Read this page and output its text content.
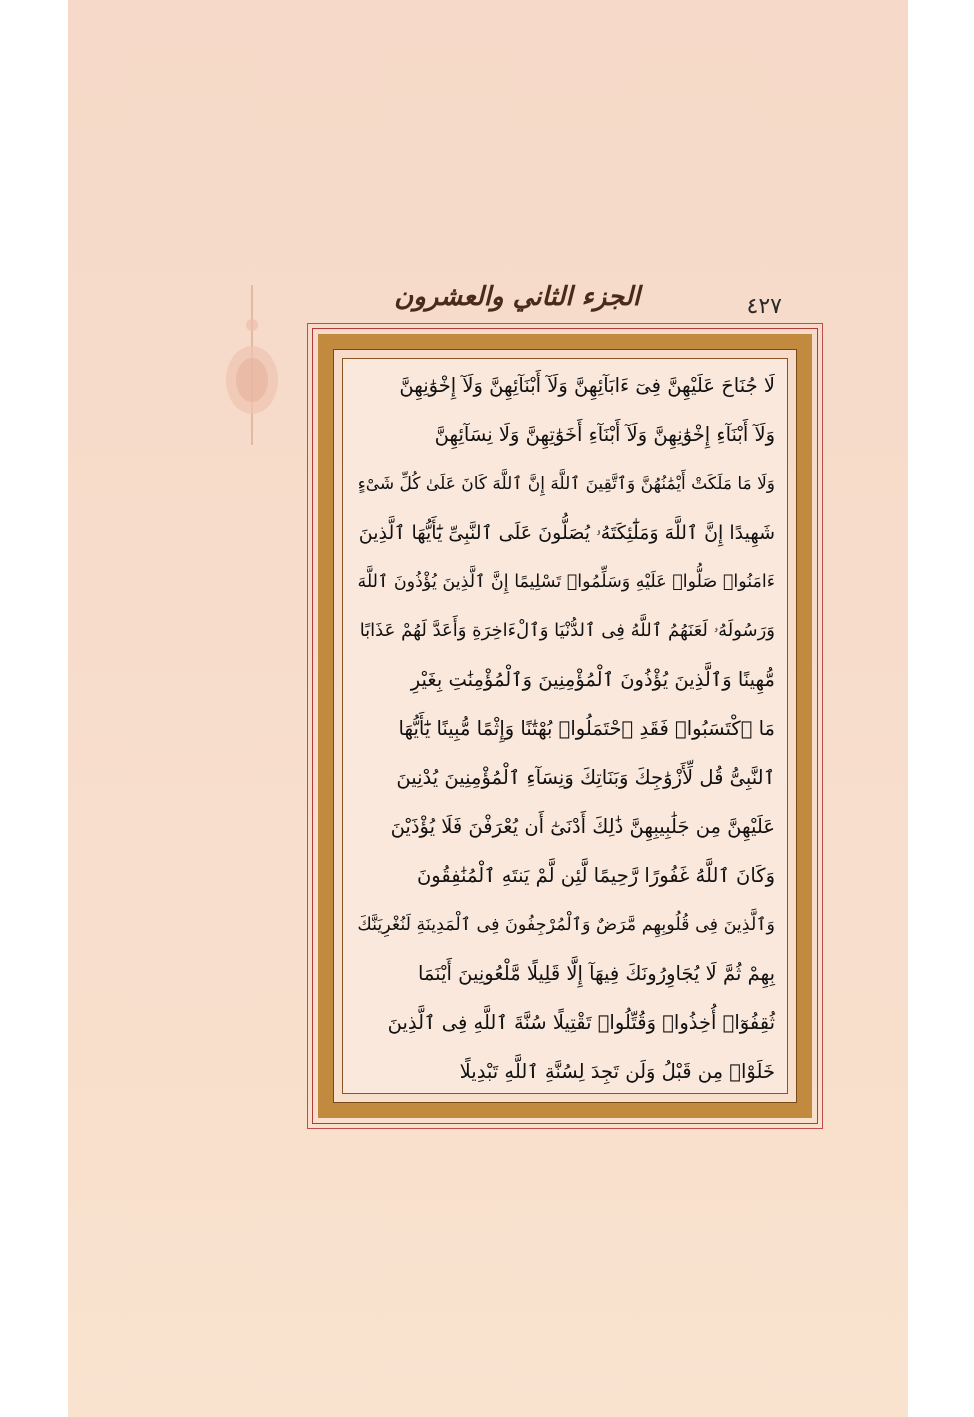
الجزء الثاني والعشرون	٤٢٧
لَا جُنَاحَ عَلَيْهِنَّ فِىٓ ءَابَآئِهِنَّ وَلَآ أَبْنَآئِهِنَّ وَلَآ إِخْوَٰنِهِنَّ
وَلَآ أَبْنَآءِ إِخْوَٰنِهِنَّ وَلَآ أَبْنَآءِ أَخَوَٰتِهِنَّ وَلَا نِسَآئِهِنَّ
وَلَا مَا مَلَكَتْ أَيْمَٰنُهُنَّ وَٱتَّقِينَ ٱللَّهَ إِنَّ ٱللَّهَ كَانَ عَلَىٰ كُلِّ شَىْءٍ
شَهِيدًا إِنَّ ٱللَّهَ وَمَلَٰٓئِكَتَهُۥ يُصَلُّونَ عَلَى ٱلنَّبِىِّ يَٰٓأَيُّهَا ٱلَّذِينَ
ءَامَنُوا۟ صَلُّوا۟ عَلَيْهِ وَسَلِّمُوا۟ تَسْلِيمًا إِنَّ ٱلَّذِينَ يُؤْذُونَ ٱللَّهَ
وَرَسُولَهُۥ لَعَنَهُمُ ٱللَّهُ فِى ٱلدُّنْيَا وَٱلْءَاخِرَةِ وَأَعَدَّ لَهُمْ عَذَابًا
مُّهِينًا وَٱلَّذِينَ يُؤْذُونَ ٱلْمُؤْمِنِينَ وَٱلْمُؤْمِنَٰتِ بِغَيْرِ
مَا ٱكْتَسَبُوا۟ فَقَدِ ٱحْتَمَلُوا۟ بُهْتَٰنًا وَإِثْمًا مُّبِينًا يَٰٓأَيُّهَا
ٱلنَّبِىُّ قُل لِّأَزْوَٰجِكَ وَبَنَاتِكَ وَنِسَآءِ ٱلْمُؤْمِنِينَ يُدْنِينَ
عَلَيْهِنَّ مِن جَلَٰبِيبِهِنَّ ذَٰلِكَ أَدْنَىٰٓ أَن يُعْرَفْنَ فَلَا يُؤْذَيْنَ
وَكَانَ ٱللَّهُ غَفُورًا رَّحِيمًا لَّئِن لَّمْ يَنتَهِ ٱلْمُنَٰفِقُونَ
وَٱلَّذِينَ فِى قُلُوبِهِم مَّرَضٌ وَٱلْمُرْجِفُونَ فِى ٱلْمَدِينَةِ لَنُغْرِيَنَّكَ
بِهِمْ ثُمَّ لَا يُجَاوِرُونَكَ فِيهَآ إِلَّا قَلِيلًا مَّلْعُونِينَ أَيْنَمَا
ثُقِفُوٓا۟ أُخِذُوا۟ وَقُتِّلُوا۟ تَقْتِيلًا سُنَّةَ ٱللَّهِ فِى ٱلَّذِينَ
خَلَوْا۟ مِن قَبْلُ وَلَن تَجِدَ لِسُنَّةِ ٱللَّهِ تَبْدِيلًا
